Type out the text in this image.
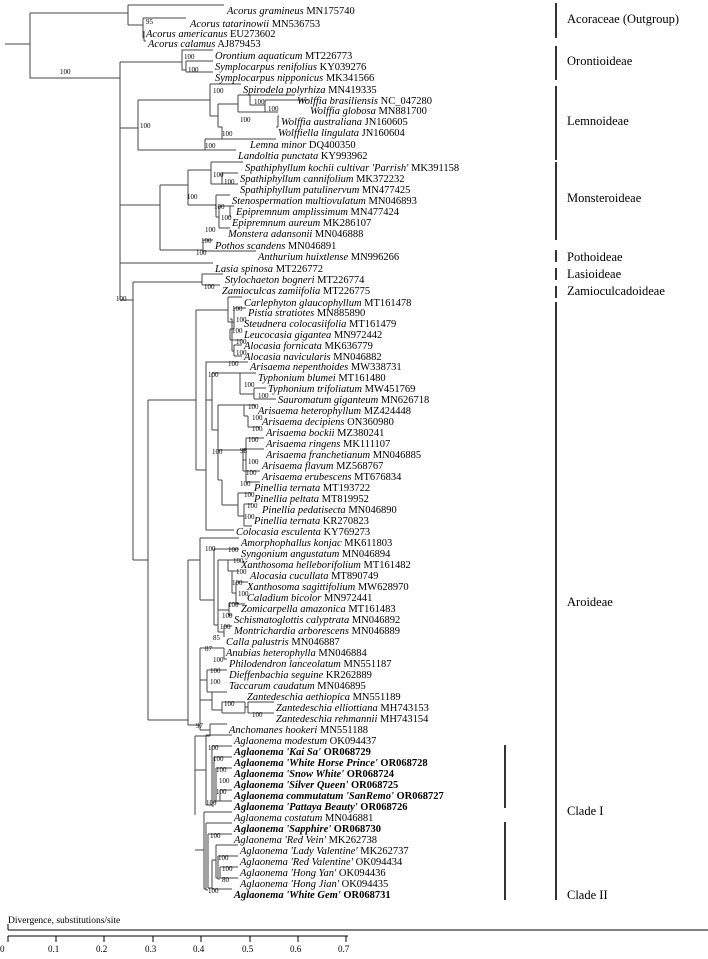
Acorus gramineus MN175740
Acorus tatarinowii MN536753
Acorus americanus EU273602
Acorus calamus AJ879453
Orontium aquaticum MT226773
Symplocarpus renifolius KY039276
Symplocarpus nipponicus MK341566
Spirodela polyrhiza MN419335
Wolffia brasiliensis NC_047280
Wolffia globosa MN881700
Wolffia australiana JN160605
Wolffiella lingulata JN160604
Lemna minor DQ400350
Landoltia punctata KY993962
Spathiphyllum kochii cultivar 'Parrish' MK391158
Spathiphyllum cannifolium MK372232
Spathiphyllum patulinervum MN477425
Stenospermation multiovulatum MN046893
Epipremnum amplissimum MN477424
Epipremnum aureum MK286107
Monstera adansonii MN046888
Pothos scandens MN046891
Anthurium huixtlense MN996266
Lasia spinosa MT226772
Stylochaeton bogneri MT226774
Zamioculcas zamiifolia MT226775
Carlephyton glaucophyllum MT161478
Pistia stratiotes MN885890
Steudnera colocasiifolia MT161479
Leucocasia gigantea MN972442
Alocasia fornicata MK636779
Alocasia navicularis MN046882
Arisaema nepenthoides MW338731
Typhonium blumei MT161480
Typhonium trifoliatum MW451769
Sauromatum giganteum MN626718
Arisaema heterophyllum MZ424448
Arisaema decipiens ON360980
Arisaema bockii MZ380241
Arisaema ringens MK111107
Arisaema franchetianum MN046885
Arisaema flavum MZ568767
Arisaema erubescens MT676834
Pinellia ternata MT193722
Pinellia peltata MT819952
Pinellia pedatisecta MN046890
Pinellia ternata KR270823
Colocasia esculenta KY769273
Amorphophallus konjac MK611803
Syngonium angustatum MN046894
Xanthosoma helleborifolium MT161482
Alocasia cucullata MT890749
Xanthosoma sagittifolium MW628970
Caladium bicolor MN972441
Zomicarpella amazonica MT161483
Schismatoglottis calyptrata MN046892
Montrichardia arborescens MN046889
Calla palustris MN046887
Anubias heterophylla MN046884
Philodendron lanceolatum MN551187
Dieffenbachia seguine KR262889
Taccarum caudatum MN046895
Zantedeschia aethiopica MN551189
Zantedeschia elliottiana MH743153
Zantedeschia rehmannii MH743154
Anchomanes hookeri MN551188
Aglaonema modestum OK094437
Aglaonema 'Kai Sa' OR068729
Aglaonema 'White Horse Prince' OR068728
Aglaonema 'Snow White' OR068724
Aglaonema 'Silver Queen' OR068725
Aglaonema commutatum 'SanRemo' OR068727
Aglaonema 'Pattaya Beauty' OR068726
Aglaonema costatum MN046881
Aglaonema 'Sapphire' OR068730
Aglaonema 'Red Vein' MK262738
Aglaonema 'Lady Valentine' MK262737
Aglaonema 'Red Valentine' OK094434
Aglaonema 'Hong Yan' OK094436
Aglaonema 'Hong Jian' OK094435
Aglaonema 'White Gem' OR068731
95
100
100
100
100
100
100
100
100
100
100
100
100
100
100
100
100
100
100
100
100
100
100
100
100
100
100
100
100
100
100
100
98
100
100
100
100
100
100
100
100
100
100 100
100
100
100
100
100
100
100
85
87
100
100
100
100
100
97
100
100
100
100
100
100
100
100
100
80
100
Acoraceae (Outgroup)
Orontioideae
Lemnoideae
Monsteroideae
Pothoideae
Lasioideae
Zamioculcadoideae
Aroideae
Clade I
Clade II
Divergence, substitutions/site
0	0.1	0.2	0.3	0.4	0.5	0.6	0.7
